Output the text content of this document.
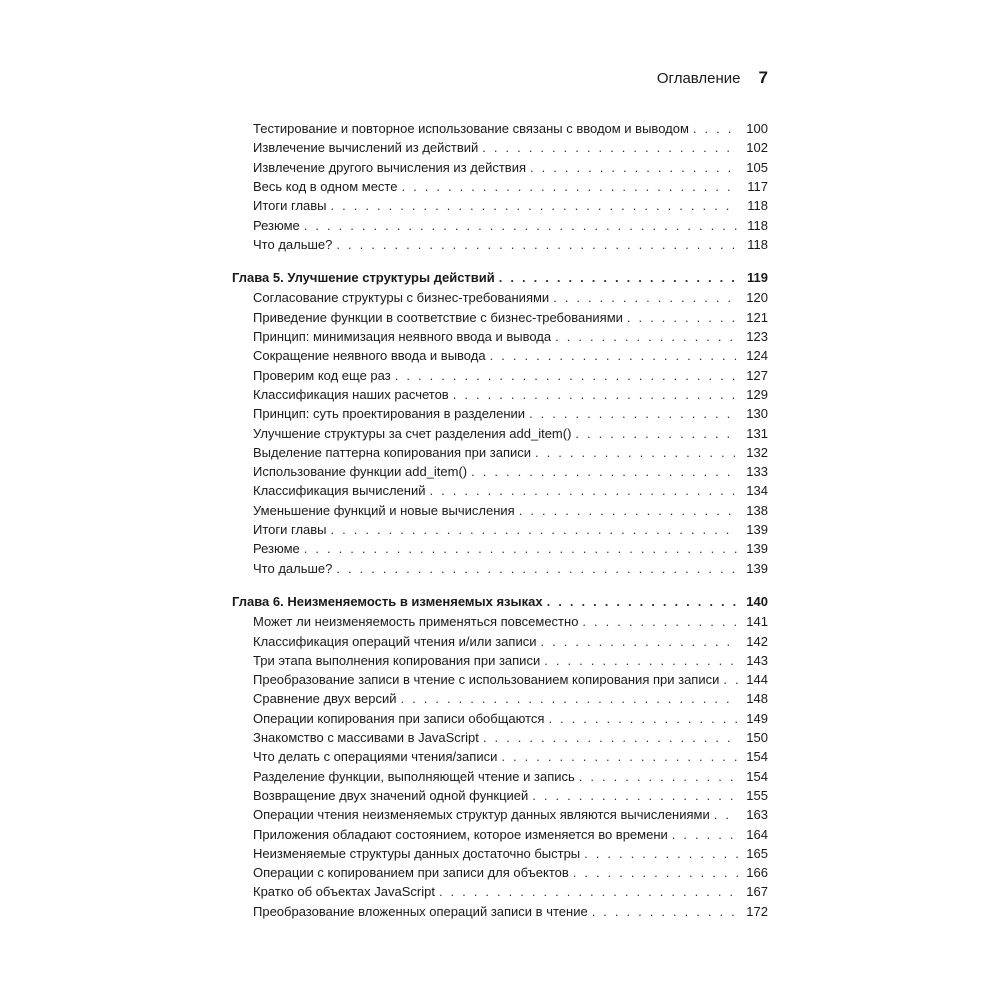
Оглавление 7
Тестирование и повторное использование связаны с вводом и выводом . . .	100
Извлечение вычислений из действий . . .	102
Извлечение другого вычисления из действия . . .	105
Весь код в одном месте . . .	117
Итоги главы . . .	118
Резюме . . .	118
Что дальше? . . .	118
Глава 5. Улучшение структуры действий . . .	119
Согласование структуры с бизнес-требованиями . . .	120
Приведение функции в соответствие с бизнес-требованиями . . .	121
Принцип: минимизация неявного ввода и вывода . . .	123
Сокращение неявного ввода и вывода . . .	124
Проверим код еще раз . . .	127
Классификация наших расчетов . . .	129
Принцип: суть проектирования в разделении . . .	130
Улучшение структуры за счет разделения add_item() . . .	131
Выделение паттерна копирования при записи . . .	132
Использование функции add_item() . . .	133
Классификация вычислений . . .	134
Уменьшение функций и новые вычисления . . .	138
Итоги главы . . .	139
Резюме . . .	139
Что дальше? . . .	139
Глава 6. Неизменяемость в изменяемых языках . . .	140
Может ли неизменяемость применяться повсеместно . . .	141
Классификация операций чтения и/или записи . . .	142
Три этапа выполнения копирования при записи . . .	143
Преобразование записи в чтение с использованием копирования при записи . . .	144
Сравнение двух версий . . .	148
Операции копирования при записи обобщаются . . .	149
Знакомство с массивами в JavaScript . . .	150
Что делать с операциями чтения/записи . . .	154
Разделение функции, выполняющей чтение и запись . . .	154
Возвращение двух значений одной функцией . . .	155
Операции чтения неизменяемых структур данных являются вычислениями . . .	163
Приложения обладают состоянием, которое изменяется во времени . . .	164
Неизменяемые структуры данных достаточно быстры . . .	165
Операции с копированием при записи для объектов . . .	166
Кратко об объектах JavaScript . . .	167
Преобразование вложенных операций записи в чтение . . .	172
